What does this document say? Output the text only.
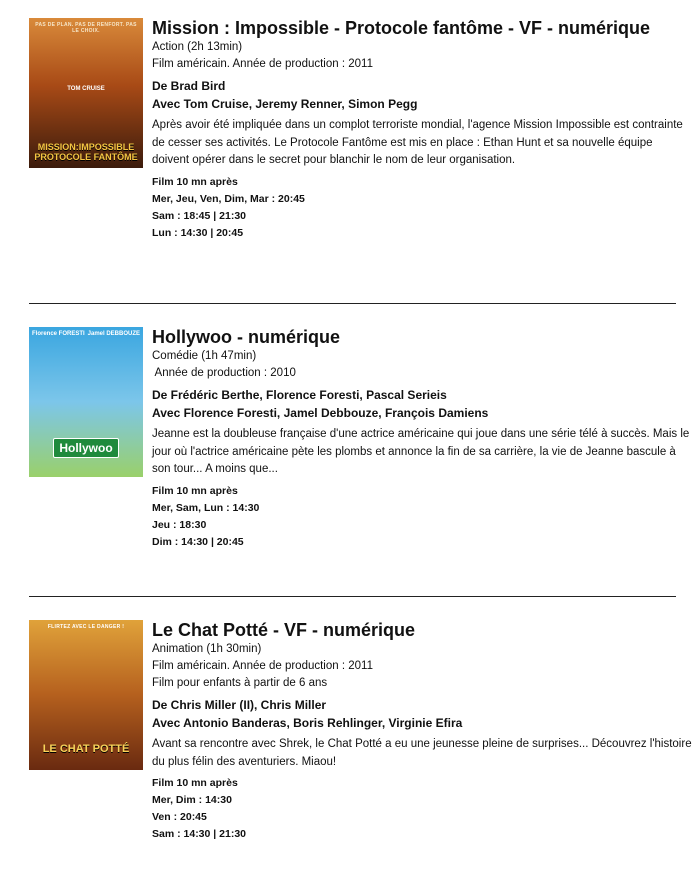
PAS DE PLAN. PAS DE RENFORT. PAS LE CHOIX.
TOM CRUISE
MISSION:IMPOSSIBLE
PROTOCOLE FANTÔME
Mission : Impossible - Protocole fantôme - VF - numérique

Action (2h 13min)

Film américain. Année de production : 2011

De Brad Bird

Avec Tom Cruise, Jeremy Renner, Simon Pegg

Après avoir été impliquée dans un complot terroriste mondial, l'agence Mission Impossible est contrainte de cesser ses activités. Le Protocole Fantôme est mis en place : Ethan Hunt et sa nouvelle équipe doivent opérer dans le secret pour blanchir le nom de leur organisation.

Film 10 mn après

Mer, Jeu, Ven, Dim, Mar : 20:45

Sam : 18:45 | 21:30

Lun : 14:30 | 20:45

Florence FORESTI Jamel DEBBOUZE
Hollywoo
Hollywoo - numérique

Comédie (1h 47min)

Année de production : 2010

De Frédéric Berthe, Florence Foresti, Pascal Serieis

Avec Florence Foresti, Jamel Debbouze, François Damiens

Jeanne est la doubleuse française d'une actrice américaine qui joue dans une série télé à succès. Mais le jour où l'actrice américaine pète les plombs et annonce la fin de sa carrière, la vie de Jeanne bascule à son tour... A moins que...

Film 10 mn après

Mer, Sam, Lun : 14:30

Jeu : 18:30

Dim : 14:30 | 20:45

FLIRTEZ AVEC LE DANGER !
LE CHAT POTTÉ
Le Chat Potté - VF - numérique

Animation (1h 30min)

Film américain. Année de production : 2011

Film pour enfants à partir de 6 ans

De Chris Miller (II), Chris Miller

Avec Antonio Banderas, Boris Rehlinger, Virginie Efira

Avant sa rencontre avec Shrek, le Chat Potté a eu une jeunesse pleine de surprises... Découvrez l'histoire du plus félin des aventuriers. Miaou!

Film 10 mn après

Mer, Dim : 14:30

Ven : 20:45

Sam : 14:30 | 21:30
